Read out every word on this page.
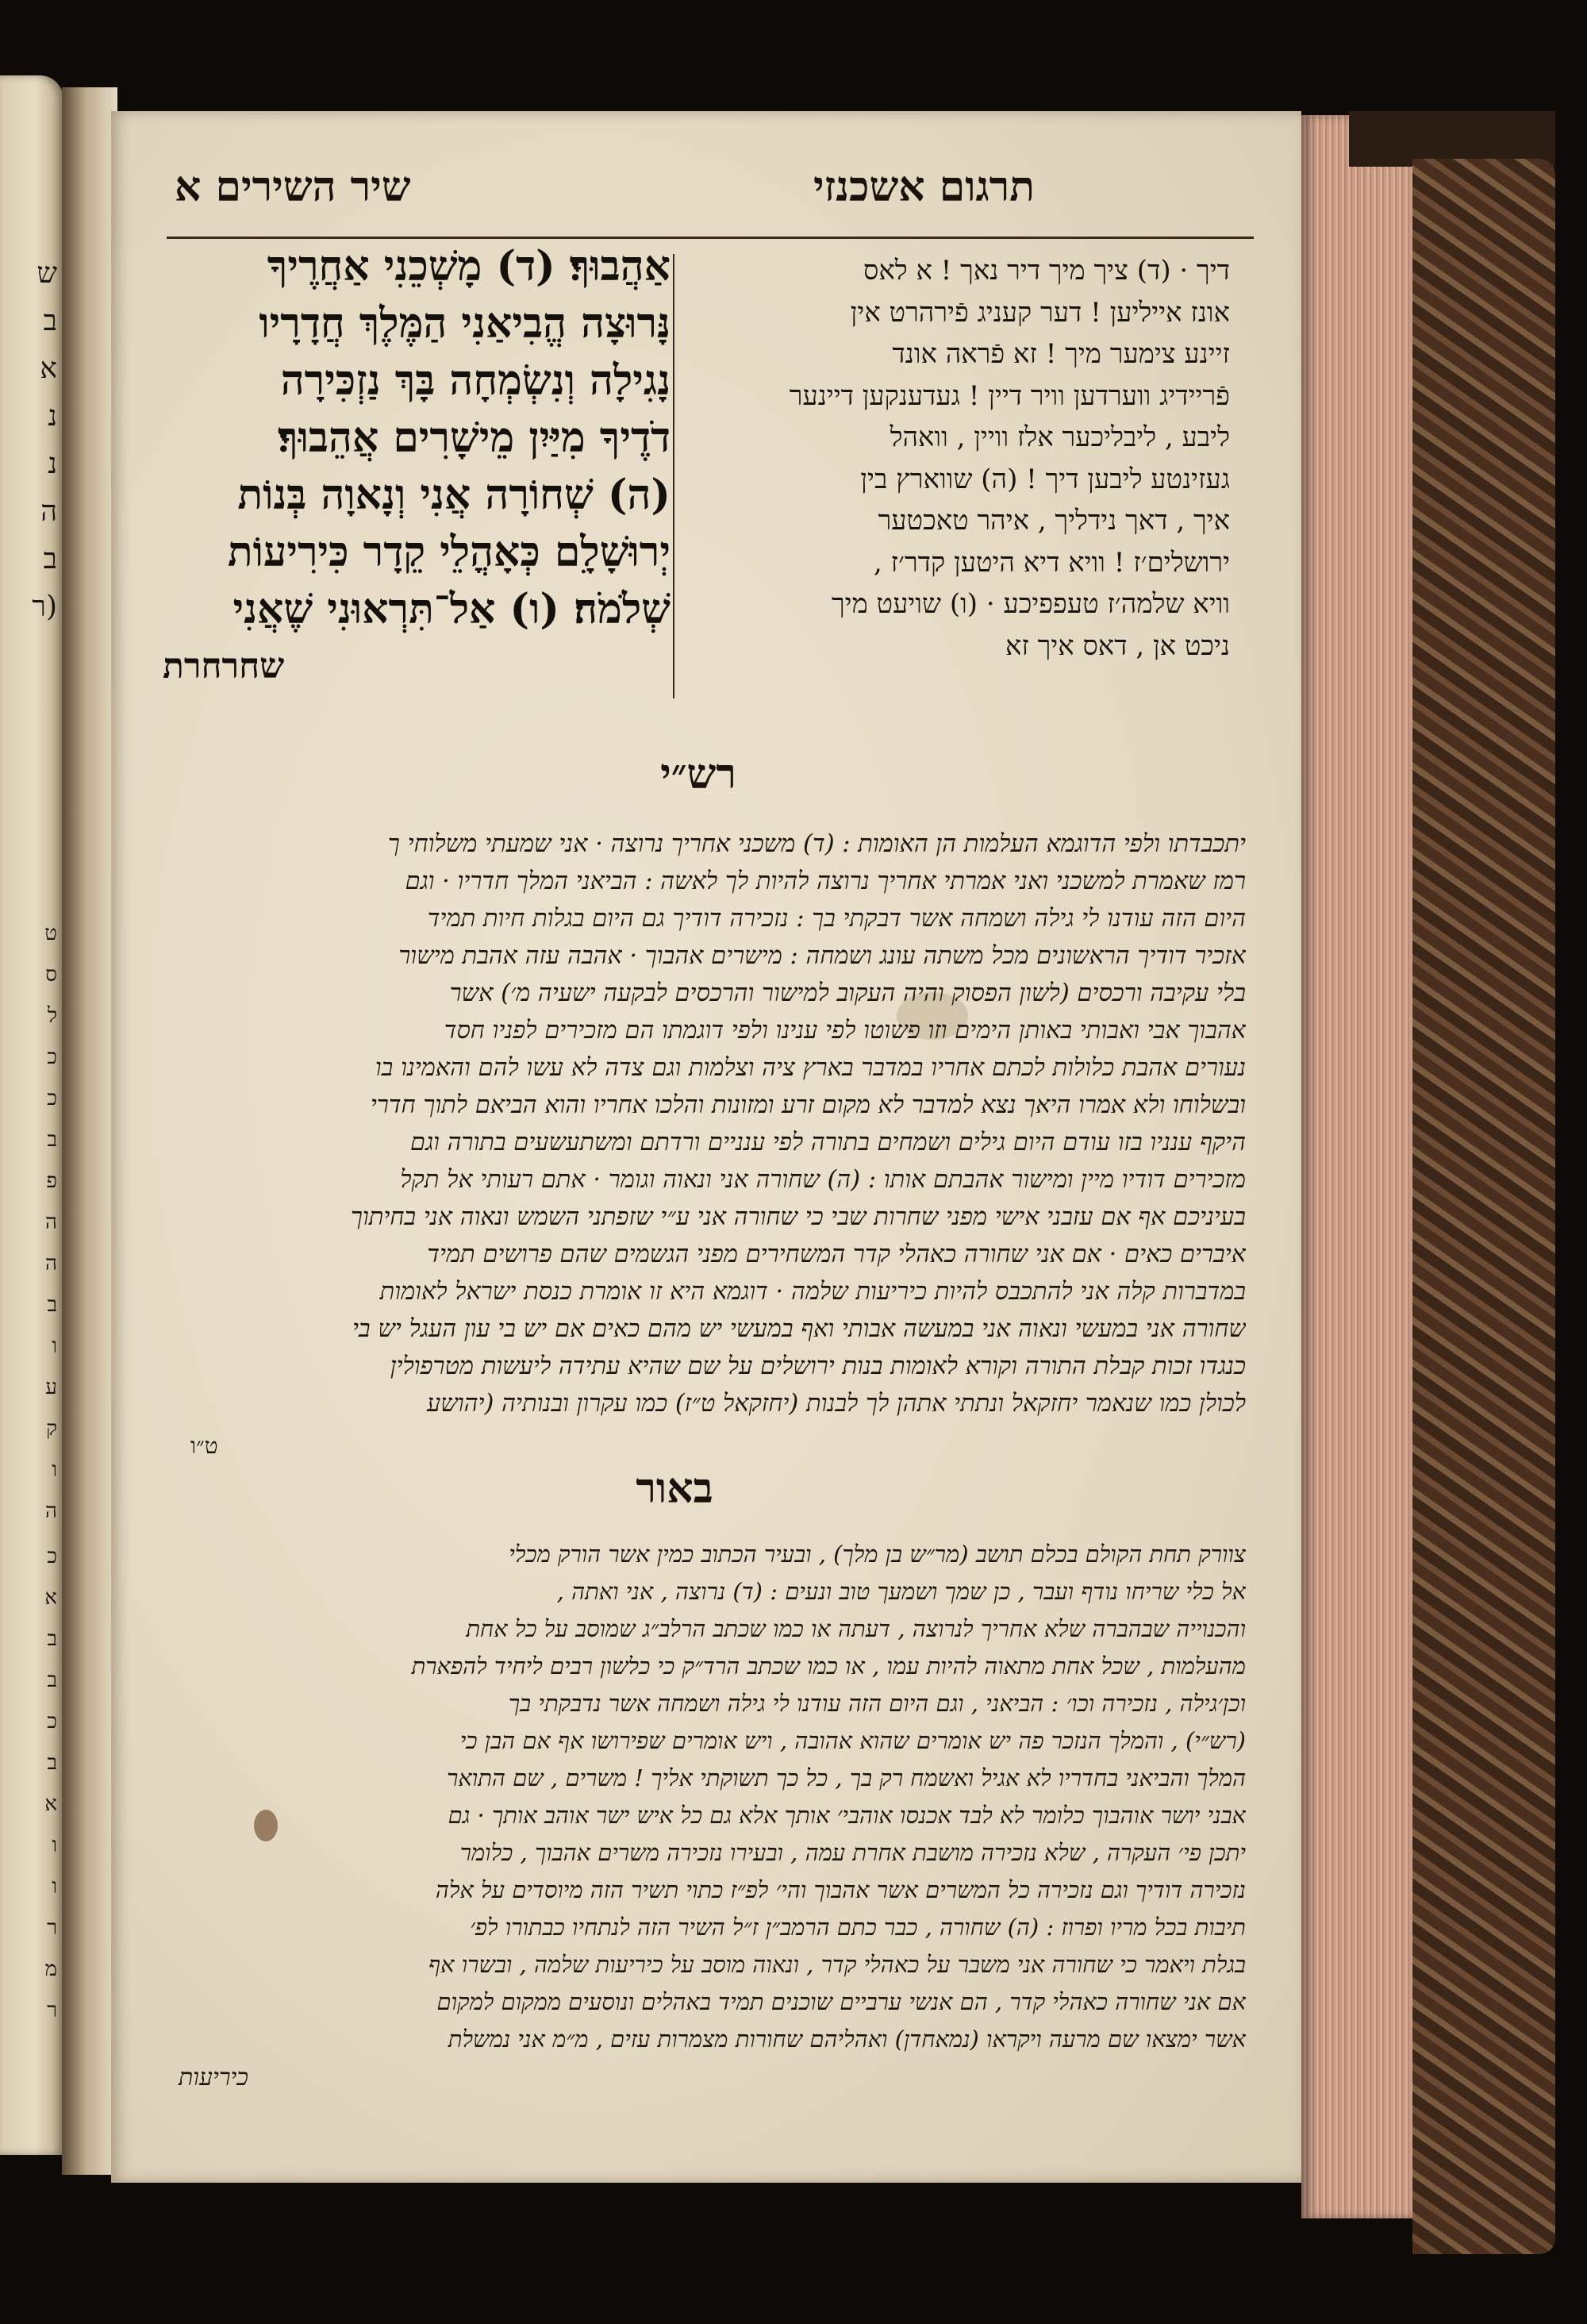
ש
ב
א
נ
נ
ה
ב
(ר
ט
ס
ל
כ
כ
ב
פ
ה
ה
ב
ו
ע
ק
ו
ה
כ
א
ב
ב
כ
ב
א
ו
ו
ר
מ
ר
שיר השירים א	תרגום אשכנזי
אַהֲבוּךָ׃ (ד) מָשְׁכֵנִי אַחֲרֶיךָ
נָּרוּצָה הֱבִיאַנִי הַמֶּלֶךְ חֲדָרָיו
נָגִילָה וְנִשְׂמְחָה בָּךְ נַזְכִּירָה
דֹדֶיךָ מִיַּיִן מֵישָׁרִים אֲהֵבוּךָ׃
(ה) שְׁחוֹרָה אֲנִי וְנָאוָה בְּנוֹת
יְרוּשָׁלָ͏ִם כְּאָהֳלֵי קֵדָר כִּירִיעוֹת
שְׁלֹמֹה׃ (ו) אַל־תִּרְאוּנִי שֶׁאֲנִי
שחרחרת
דיך · (ד) ציך מיך דיר נאך ! א לאס
אונז אייליען ! דער קעניג פֿירהרט אין
זיינע צימער מיך ! זא פֿראה אונד
פֿריידיג ווערדען וויר דיין ! געדענקען דיינער
ליבע , ליבליכער אלז וויין , וואהל
געזינטע ליבען דיך ! (ה) שווארץ בין
איך , דאך נידליך , איהר טאכטער
ירושלים׳ז ! וויא דיא היטען קדר׳ז ,
וויא שלמה׳ז טעפפיכע · (ו) שויעט מיך
ניכט אן , דאס איך זא
רש״י
יתכבדתו ולפי הדוגמא העלמות הן האומות : (ד) משכני אחריך נרוצה · אני שמעתי משלוחי ך
רמז שאמרת למשכני ואני אמרתי אחריך נרוצה להיות לך לאשה : הביאני המלך חדריו · וגם
היום הזה עודנו לי גילה ושמחה אשר דבקתי בך : נזכירה דודיך גם היום בגלות חיות תמיד
אזכיר דודיך הראשונים מכל משתה עונג ושמחה : מישרים אהבוך · אהבה עזה אהבת מישור
בלי עקיבה ורכסים (לשון הפסוק והיה העקוב למישור והרכסים לבקעה ישעיה מ׳) אשר
אהבוך אבי ואבותי באותן הימים וזו פשוטו לפי ענינו ולפי דוגמתו הם מזכירים לפניו חסד
נעורים אהבת כלולות לכתם אחריו במדבר בארץ ציה וצלמות וגם צדה לא עשו להם והאמינו בו
ובשלוחו ולא אמרו היאך נצא למדבר לא מקום זרע ומזונות והלכו אחריו והוא הביאם לתוך חדרי
היקף ענניו בזו עודם היום גילים ושמחים בתורה לפי ענניים ורדתם ומשתעשעים בתורה וגם
מזכירים דודיו מיין ומישור אהבתם אותו : (ה) שחורה אני ונאוה וגומר · אתם רעותי אל תקל
בעיניכם אף אם עזבני אישי מפני שחרות שבי כי שחורה אני ע״י שזפתני השמש ונאוה אני בחיתוך
איברים כאים · אם אני שחורה כאהלי קדר המשחירים מפני הגשמים שהם פרושים תמיד
במדברות קלה אני להתכבס להיות כיריעות שלמה · דוגמא היא זו אומרת כנסת ישראל לאומות
שחורה אני במעשי ונאוה אני במעשה אבותי ואף במעשי יש מהם כאים אם יש בי עון העגל יש בי
כנגדו זכות קבלת התורה וקורא לאומות בנות ירושלים על שם שהיא עתידה ליעשות מטרפולין
לכולן כמו שנאמר יחזקאל ונתתי אתהן לך לבנות (יחזקאל ט״ז) כמו עקרון ובנותיה (יהושע
ט״ו
באור
צוורק תחת הקולם בכלם תושב (מר״ש בן מלך) , ובעיר הכתוב כמין אשר הורק מכלי
אל כלי שריחו נודף ועבר , כן שמך ושמעך טוב ונעים : (ד) נרוצה , אני ואתה ,
והכנוייה שבהברה שלא אחריך לנרוצה , דעתה או כמו שכתב הרלב״ג שמוסב על כל אחת
מהעלמות , שכל אחת מתאוה להיות עמו , או כמו שכתב הרד״ק כי כלשון רבים ליחיד להפארת
וכן׳גילה , נזכירה וכו׳ : הביאני , וגם היום הזה עודנו לי גילה ושמחה אשר נדבקתי בך
(רש״י) , והמלך הנזכר פה יש אומרים שהוא אהובה , ויש אומרים שפירושו אף אם הבן כי
המלך והביאני בחדריו לא אגיל ואשמח רק בך , כל כך תשוקתי אליך ! משרים , שם התואר
אבני יושר אוהבוך כלומר לא לבד אכנסו אוהבי׳ אותך אלא גם כל איש ישר אוהב אותך · גם
יתכן פי׳ העקרה , שלא נזכירה מושבת אחרת עמה , ובעירו נזכירה משרים אהבוך , כלומר
נזכירה דודיך וגם נזכירה כל המשרים אשר אהבוך והי׳ לפ״ז כתוי תשיר הזה מיוסדים על אלה
תיבות בכל מריו ופרוז : (ה) שחורה , כבר כתם הרמב״ן ז״ל השיר הזה לנתחיו כבתורו לפ׳
בגלת ויאמר כי שחורה אני משבר על כאהלי קדר , ונאוה מוסב על כיריעות שלמה , ובשרו אף
אם אני שחורה כאהלי קדר , הם אנשי ערביים שוכנים תמיד באהלים ונוסעים ממקום למקום
אשר ימצאו שם מרעה ויקראו (נמאחדן) ואהליהם שחורות מצמרות עזים , מ״מ אני נמשלת
כיריעות
